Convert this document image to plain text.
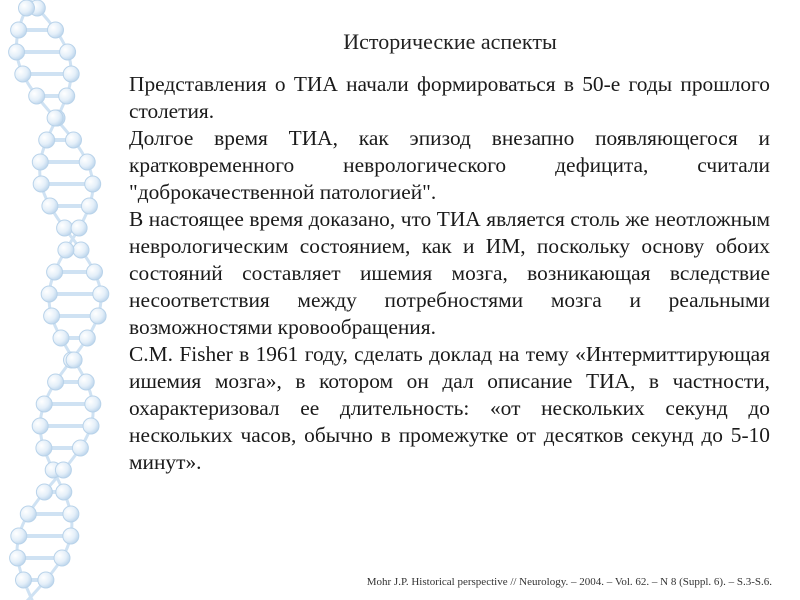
Исторические аспекты

Представления о ТИА начали формироваться в 50-е годы прошлого столетия.

Долгое время ТИА, как эпизод внезапно появляющегося и кратковременного неврологического дефицита, считали "доброкачественной патологией".

В настоящее время доказано, что ТИА является столь же неотложным неврологическим состоянием, как и ИМ, поскольку основу обоих состояний составляет ишемия мозга, возникающая вследствие несоответствия между потребностями мозга и реальными возможностями кровообращения.

C.M. Fisher в 1961 году, сделать доклад на тему «Интермиттирующая ишемия мозга», в котором он дал описание ТИА, в частности, охарактеризовал ее длительность: «от нескольких секунд до нескольких часов, обычно в промежутке от десятков секунд до 5-10 минут».

Mohr J.P. Historical perspective // Neurology. – 2004. – Vol. 62. – N 8 (Suppl. 6). – S.3-S.6.
